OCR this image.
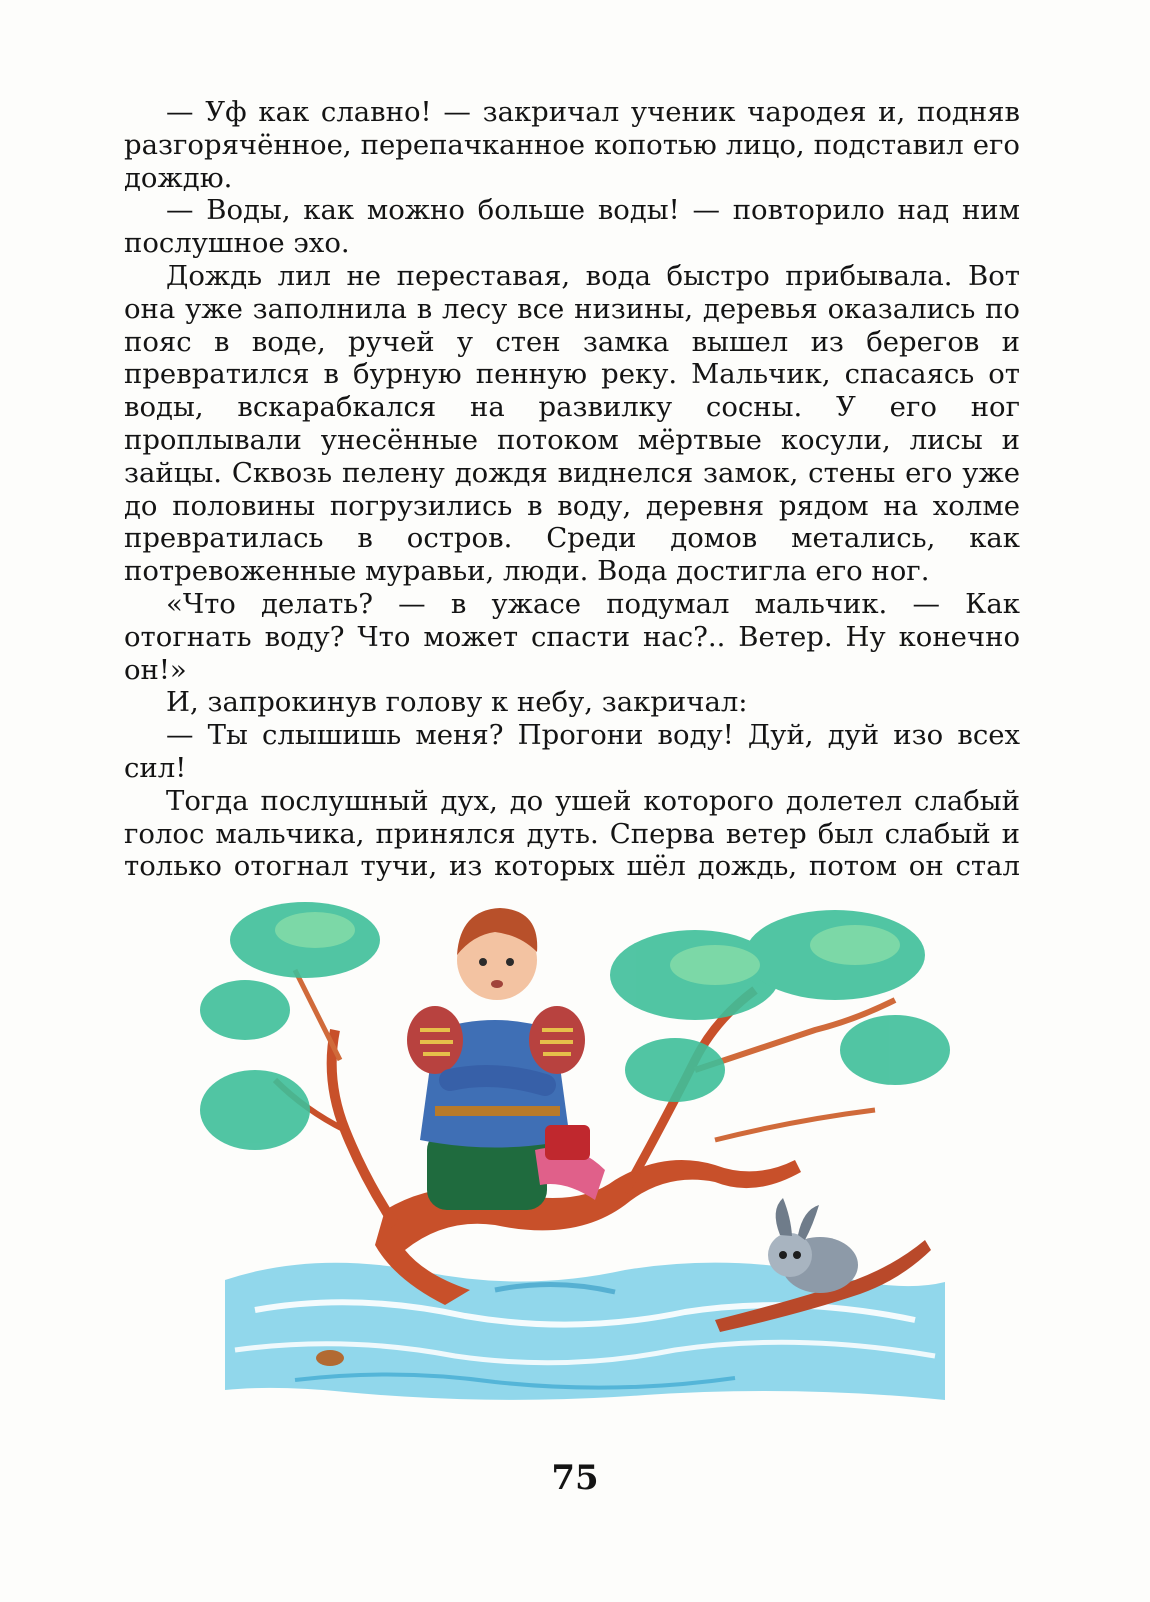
— Уф как славно! — закричал ученик чародея и, подняв разгорячённое, перепачканное копотью лицо, подставил его дождю.

— Воды, как можно больше воды! — повторило над ним послушное эхо.

Дождь лил не переставая, вода быстро прибывала. Вот она уже заполнила в лесу все низины, деревья оказались по пояс в воде, ручей у стен замка вышел из берегов и превратился в бурную пенную реку. Мальчик, спасаясь от воды, вскарабкался на развилку сосны. У его ног проплывали унесённые потоком мёртвые косули, лисы и зайцы. Сквозь пелену дождя виднелся замок, стены его уже до половины погрузились в воду, деревня рядом на холме превратилась в остров. Среди домов метались, как потревоженные муравьи, люди. Вода достигла его ног.

«Что делать? — в ужасе подумал мальчик. — Как отогнать воду? Что может спасти нас?.. Ветер. Ну конечно он!»

И, запрокинув голову к небу, закричал:

— Ты слышишь меня? Прогони воду! Дуй, дуй изо всех сил!

Тогда послушный дух, до ушей которого долетел слабый голос мальчика, принялся дуть. Сперва ветер был слабый и только отогнал тучи, из которых шёл дождь, потом он стал

75
